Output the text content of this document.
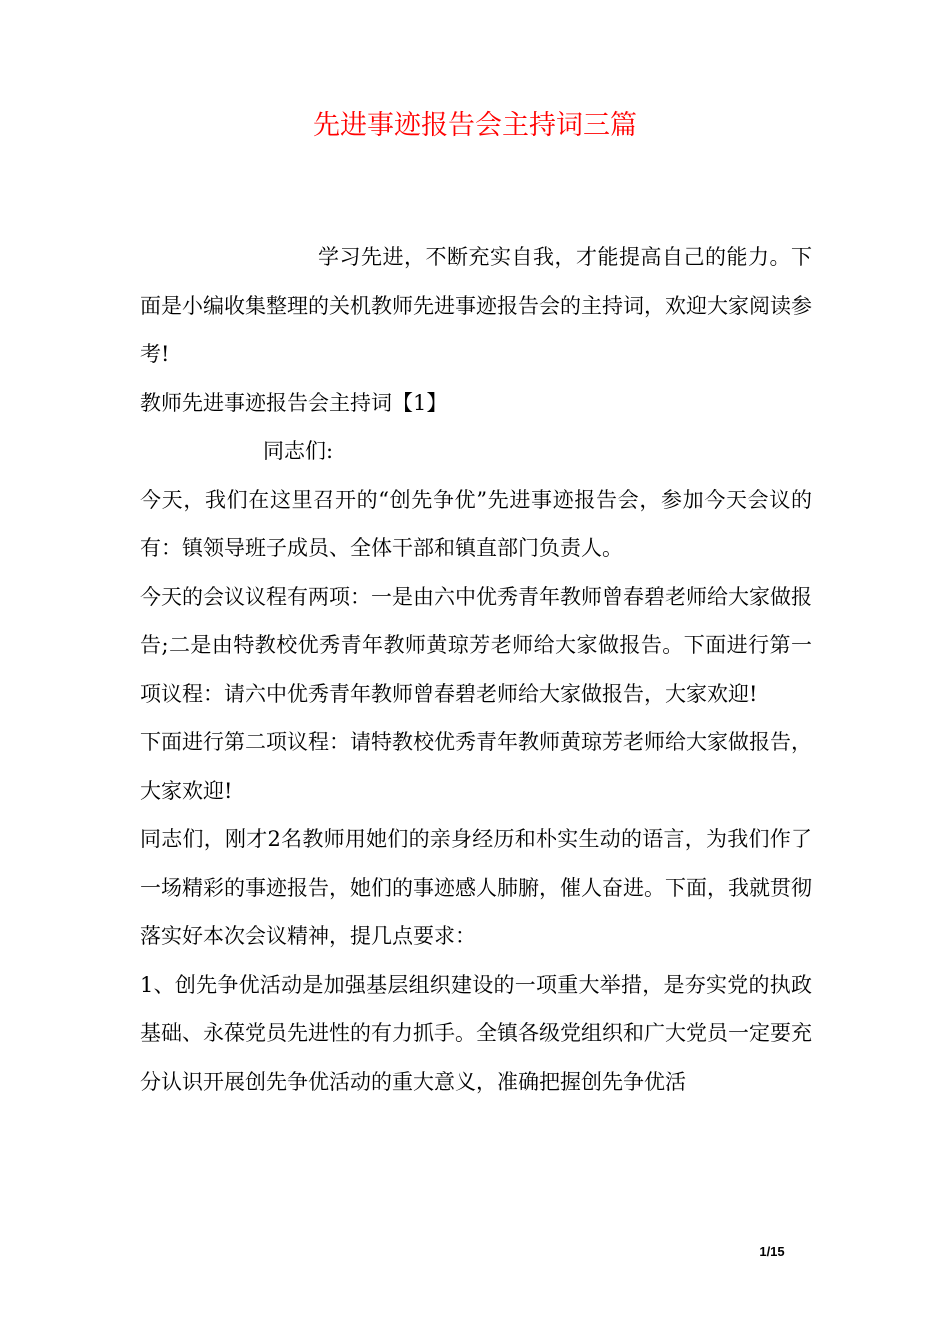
先进事迹报告会主持词三篇

学习先进，不断充实自我，才能提高自己的能力。下面是小编收集整理的关机教师先进事迹报告会的主持词，欢迎大家阅读参考!

教师先进事迹报告会主持词【1】

同志们:

今天，我们在这里召开的“创先争优”先进事迹报告会，参加今天会议的有：镇领导班子成员、全体干部和镇直部门负责人。

今天的会议议程有两项：一是由六中优秀青年教师曾春碧老师给大家做报告;二是由特教校优秀青年教师黄琼芳老师给大家做报告。下面进行第一项议程：请六中优秀青年教师曾春碧老师给大家做报告，大家欢迎!

下面进行第二项议程：请特教校优秀青年教师黄琼芳老师给大家做报告，大家欢迎!

同志们，刚才2名教师用她们的亲身经历和朴实生动的语言，为我们作了一场精彩的事迹报告，她们的事迹感人肺腑，催人奋进。下面，我就贯彻落实好本次会议精神，提几点要求：

1、创先争优活动是加强基层组织建设的一项重大举措，是夯实党的执政基础、永葆党员先进性的有力抓手。全镇各级党组织和广大党员一定要充分认识开展创先争优活动的重大意义，准确把握创先争优活

1/15
